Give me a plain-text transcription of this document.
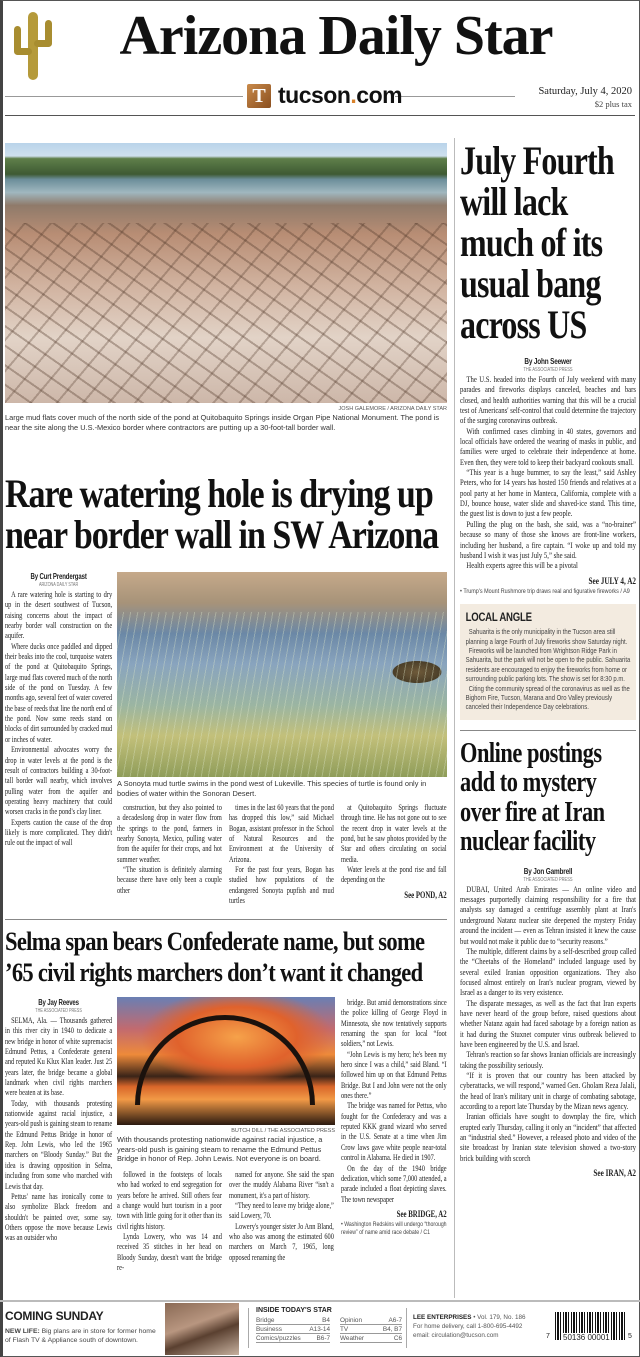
Arizona Daily Star
T tucson.com	Saturday, July 4, 2020
$2 plus tax
JOSH GALEMORE / ARIZONA DAILY STAR
Large mud flats cover much of the north side of the pond at Quitobaquito Springs inside Organ Pipe National Monument. The pond is near the site along the U.S.-Mexico border where contractors are putting up a 30-foot-tall border wall.
Rare watering hole is drying up near border wall in SW Arizona
By Curt Prendergast
ARIZONA DAILY STAR

A rare watering hole is starting to dry up in the desert southwest of Tucson, raising concerns about the impact of nearby border wall construction on the aquifer.

Where ducks once paddled and dipped their beaks into the cool, turquoise waters of the pond at Quitobaquito Springs, large mud flats covered much of the north side of the pond on Tuesday. A few months ago, several feet of water covered the base of reeds that line the north end of the pond. Now some reeds stand on blocks of dirt surrounded by cracked mud or inches of water.

Environmental advocates worry the drop in water levels at the pond is the result of contractors building a 30-foot-tall border wall nearby, which involves pulling water from the aquifer and operating heavy machinery that could worsen cracks in the pond's clay liner.

Experts caution the cause of the drop likely is more complicated. They didn't rule out the impact of wall

A Sonoyta mud turtle swims in the pond west of Lukeville. This species of turtle is found only in bodies of water within the Sonoran Desert.

construction, but they also pointed to a decadeslong drop in water flow from the springs to the pond, farmers in nearby Sonoyta, Mexico, pulling water from the aquifer for their crops, and hot summer weather.

“The situation is definitely alarming because there have only been a couple other

times in the last 60 years that the pond has dropped this low,” said Michael Bogan, assistant professor in the School of Natural Resources and the Environment at the University of Arizona.

For the past four years, Bogan has studied how populations of the endangered Sonoyta pupfish and mud turtles

at Quitobaquito Springs fluctuate through time. He has not gone out to see the recent drop in water levels at the pond, but he saw photos provided by the Star and others circulating on social media.

Water levels at the pond rise and fall depending on the

See POND, A2
Selma span bears Confederate name, but some ’65 civil rights marchers don’t want it changed
By Jay Reeves
THE ASSOCIATED PRESS

SELMA, Ala. — Thousands gathered in this river city in 1940 to dedicate a new bridge in honor of white supremacist Edmund Pettus, a Confederate general and reputed Ku Klux Klan leader. Just 25 years later, the bridge became a global landmark when civil rights marchers were beaten at its base.

Today, with thousands protesting nationwide against racial injustice, a years-old push is gaining steam to rename the Edmund Pettus Bridge in honor of Rep. John Lewis, who led the 1965 marchers on “Bloody Sunday.” But the idea is drawing opposition in Selma, including from some who marched with Lewis that day.

Pettus' name has ironically come to also symbolize Black freedom and shouldn't be painted over, some say. Others oppose the move because Lewis was an outsider who

BUTCH DILL / THE ASSOCIATED PRESS
With thousands protesting nationwide against racial injustice, a years-old push is gaining steam to rename the Edmund Pettus Bridge in honor of Rep. John Lewis. Not everyone is on board.

followed in the footsteps of locals who had worked to end segregation for years before he arrived. Still others fear a change would hurt tourism in a poor town with little going for it other than its civil rights history.

Lynda Lowery, who was 14 and received 35 stitches in her head on Bloody Sunday, doesn't want the bridge re-

named for anyone. She said the span over the muddy Alabama River “isn't a monument, it's a part of history.

“They need to leave my bridge alone,” said Lowery, 70.

Lowery's younger sister Jo Ann Bland, who also was among the estimated 600 marchers on March 7, 1965, long opposed renaming the

bridge. But amid demonstrations since the police killing of George Floyd in Minnesota, she now tentatively supports renaming the span for local “foot soldiers,” not Lewis.

“John Lewis is my hero; he's been my hero since I was a child,” said Bland. “I followed him up on that Edmund Pettus Bridge. But I and John were not the only ones there.”

The bridge was named for Pettus, who fought for the Confederacy and was a reputed KKK grand wizard who served in the U.S. Senate at a time when Jim Crow laws gave white people near-total control in Alabama. He died in 1907.

On the day of the 1940 bridge dedication, which some 7,000 attended, a parade included a float depicting slaves. The town newspaper

See BRIDGE, A2
• Washington Redskins will undergo “thorough review” of name amid race debate / C1
July Fourth will lack much of its usual bang across US
By John Seewer
THE ASSOCIATED PRESS

The U.S. headed into the Fourth of July weekend with many parades and fireworks displays canceled, beaches and bars closed, and health authorities warning that this will be a crucial test of Americans' self-control that could determine the trajectory of the surging coronavirus outbreak.

With confirmed cases climbing in 40 states, governors and local officials have ordered the wearing of masks in public, and families were urged to celebrate their independence at home. Even then, they were told to keep their backyard cookouts small.

“This year is a huge bummer, to say the least,” said Ashley Peters, who for 14 years has hosted 150 friends and relatives at a pool party at her home in Manteca, California, complete with a DJ, bounce house, water slide and shaved-ice stand. This time, the guest list is down to just a few people.

Pulling the plug on the bash, she said, was a “no-brainer” because so many of those she knows are front-line workers, including her husband, a fire captain. “I woke up and told my husband I wish it was just July 5,” she said.

Health experts agree this will be a pivotal

See JULY 4, A2
• Trump's Mount Rushmore trip draws real and figurative fireworks / A9
LOCAL ANGLE

Sahuarita is the only municipality in the Tucson area still planning a large Fourth of July fireworks show Saturday night.

Fireworks will be launched from Wrightson Ridge Park in Sahuarita, but the park will not be open to the public. Sahuarita residents are encouraged to enjoy the fireworks from home or surrounding public parking lots. The show is set for 8:30 p.m.

Citing the community spread of the coronavirus as well as the Bighorn Fire, Tucson, Marana and Oro Valley previously canceled their Independence Day celebrations.

Online postings add to mystery over fire at Iran nuclear facility
By Jon Gambrell
THE ASSOCIATED PRESS

DUBAI, United Arab Emirates — An online video and messages purportedly claiming responsibility for a fire that analysts say damaged a centrifuge assembly plant at Iran's underground Natanz nuclear site deepened the mystery Friday around the incident — even as Tehran insisted it knew the cause but would not make it public due to “security reasons.”

The multiple, different claims by a self-described group called the “Cheetahs of the Homeland” included language used by several exiled Iranian opposition organizations. They also focused almost entirely on Iran's nuclear program, viewed by Israel as a danger to its very existence.

The disparate messages, as well as the fact that Iran experts have never heard of the group before, raised questions about whether Natanz again had faced sabotage by a foreign nation as it had during the Stuxnet computer virus outbreak believed to have been engineered by the U.S. and Israel.

Tehran's reaction so far shows Iranian officials are increasingly taking the possibility seriously.

“If it is proven that our country has been attacked by cyberattacks, we will respond,” warned Gen. Gholam Reza Jalali, the head of Iran's military unit in charge of combating sabotage, according to a report late Thursday by the Mizan news agency.

Iranian officials have sought to downplay the fire, which erupted early Thursday, calling it only an “incident” that affected an “industrial shed.” However, a released photo and video of the site broadcast by Iranian state television showed a two-story brick building with scorch

See IRAN, A2
COMING SUNDAY
NEW LIFE: Big plans are in store for former home of Flash TV & Appliance south of downtown.
INSIDE TODAY'S STAR
Bridge	B4 Opinion	A6-7
Business	A13-14 TV	B4, B7
Comics/puzzles	B6-7 Weather	C6
LEE ENTERPRISES • Vol. 179, No. 186
For home delivery, call 1-800-695-4492
email: circulation@tucson.com	7 50136 00001	5
